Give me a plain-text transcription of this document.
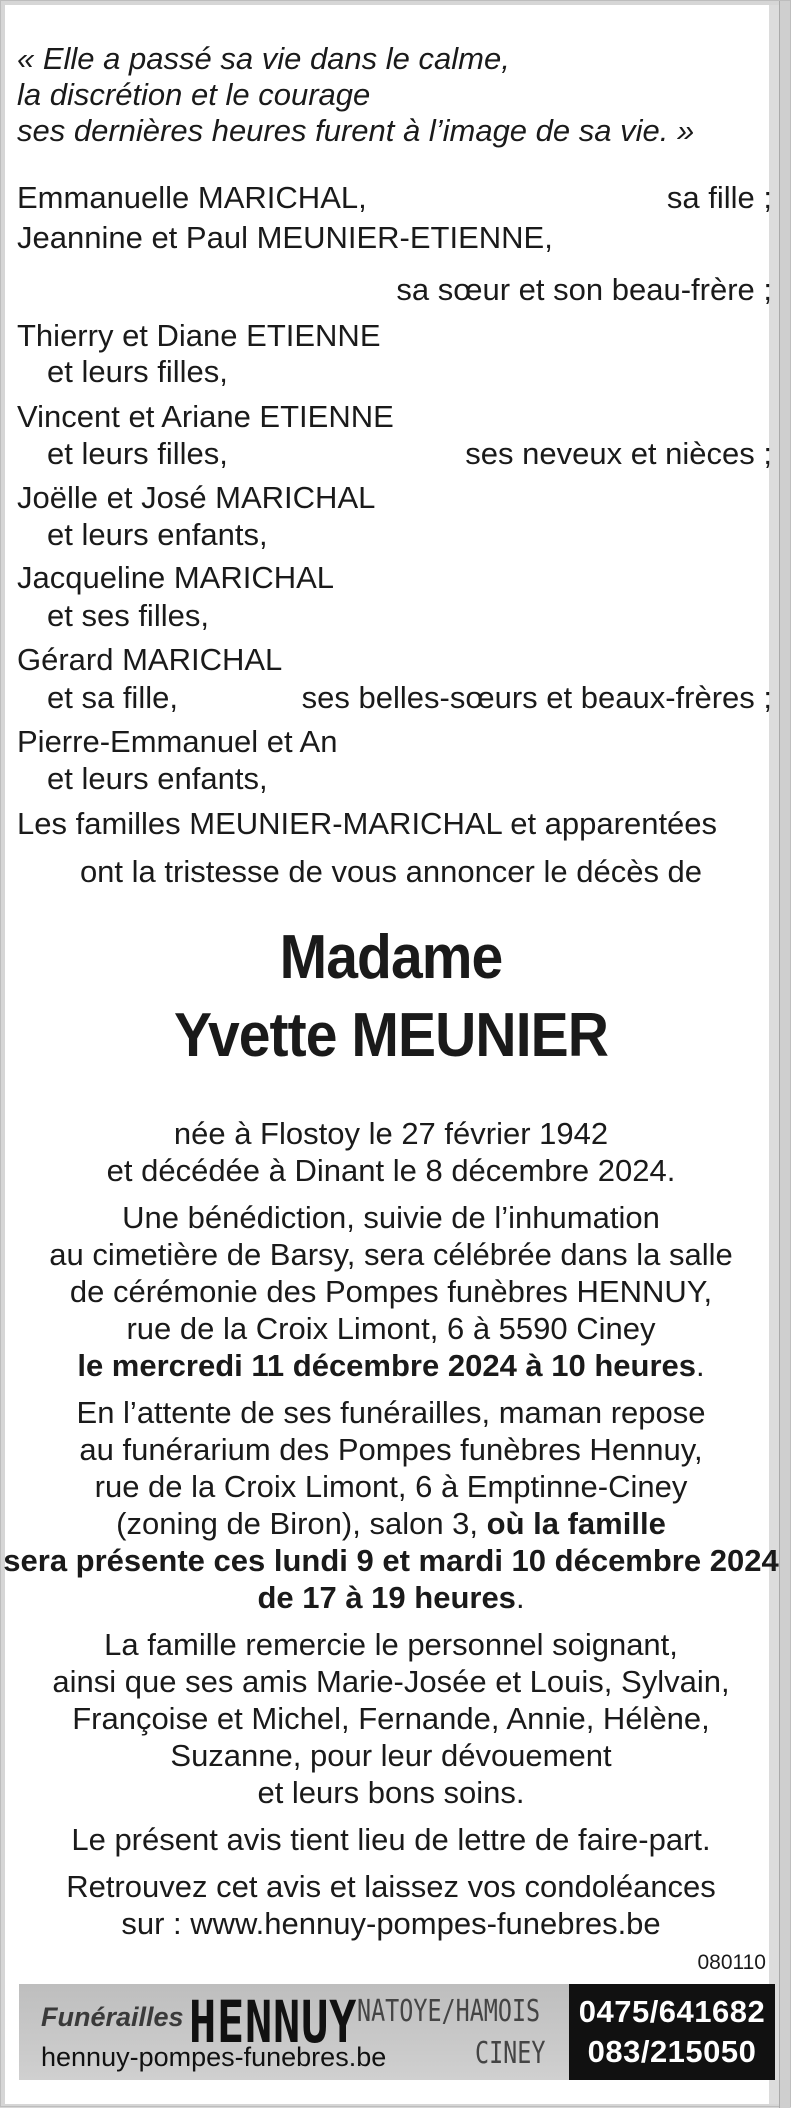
« Elle a passé sa vie dans le calme,
la discrétion et le courage
ses dernières heures furent à l’image de sa vie. »
Emmanuelle MARICHAL,	sa fille ;
Jeannine et Paul MEUNIER-ETIENNE,
sa sœur et son beau-frère ;
Thierry et Diane ETIENNE
et leurs filles,
Vincent et Ariane ETIENNE
et leurs filles,	ses neveux et nièces ;
Joëlle et José MARICHAL
et leurs enfants,
Jacqueline MARICHAL
et ses filles,
Gérard MARICHAL
et sa fille,	ses belles-sœurs et beaux-frères ;
Pierre-Emmanuel et An
et leurs enfants,
Les familles MEUNIER-MARICHAL et apparentées
ont la tristesse de vous annoncer le décès de
Madame
Yvette MEUNIER
née à Flostoy le 27 février 1942
et décédée à Dinant le 8 décembre 2024.
Une bénédiction, suivie de l’inhumation
au cimetière de Barsy, sera célébrée dans la salle
de cérémonie des Pompes funèbres HENNUY,
rue de la Croix Limont, 6 à 5590 Ciney
le mercredi 11 décembre 2024 à 10 heures.
En l’attente de ses funérailles, maman repose
au funérarium des Pompes funèbres Hennuy,
rue de la Croix Limont, 6 à Emptinne-Ciney
(zoning de Biron), salon 3, où la famille
sera présente ces lundi 9 et mardi 10 décembre 2024
de 17 à 19 heures.
La famille remercie le personnel soignant,
ainsi que ses amis Marie-Josée et Louis, Sylvain,
Françoise et Michel, Fernande, Annie, Hélène,
Suzanne, pour leur dévouement
et leurs bons soins.
Le présent avis tient lieu de lettre de faire-part.
Retrouvez cet avis et laissez vos condoléances
sur : www.hennuy-pompes-funebres.be
080110
Funérailles HENNUY NATOYE/HAMOIS
CINEY
hennuy-pompes-funebres.be
0475/641682
083/215050
